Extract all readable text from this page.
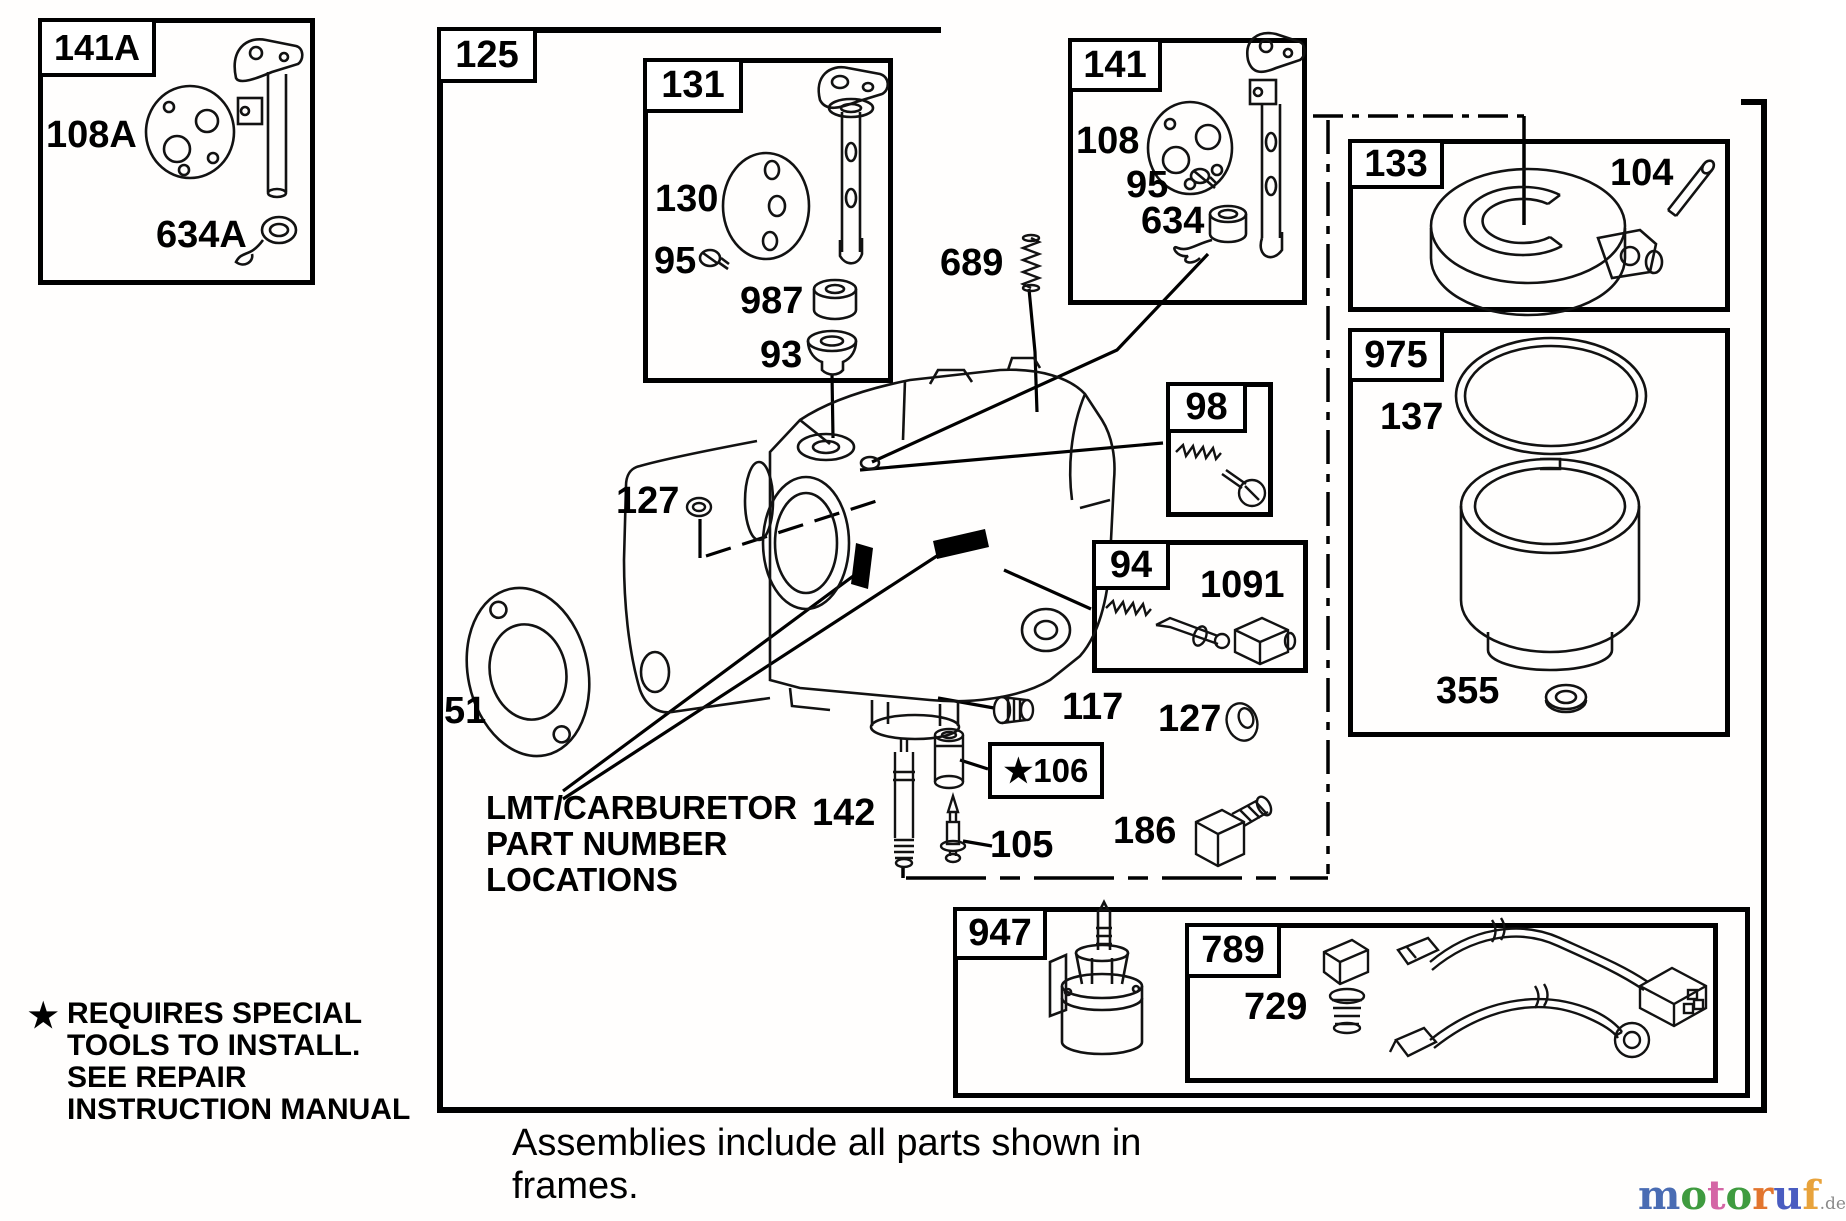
141A	125
131	141
133
975
98
94
★106
947	789
108A
634A
130
95
987
93
689
108
95
634
104
137
355
1091
127
51	117 127
142
105 186
729
LMT/CARBURETOR
PART NUMBER
LOCATIONS
★ REQUIRES SPECIAL
TOOLS TO INSTALL.
SEE REPAIR
INSTRUCTION MANUAL
Assemblies include all parts shown in
frames.	motoruf.de
